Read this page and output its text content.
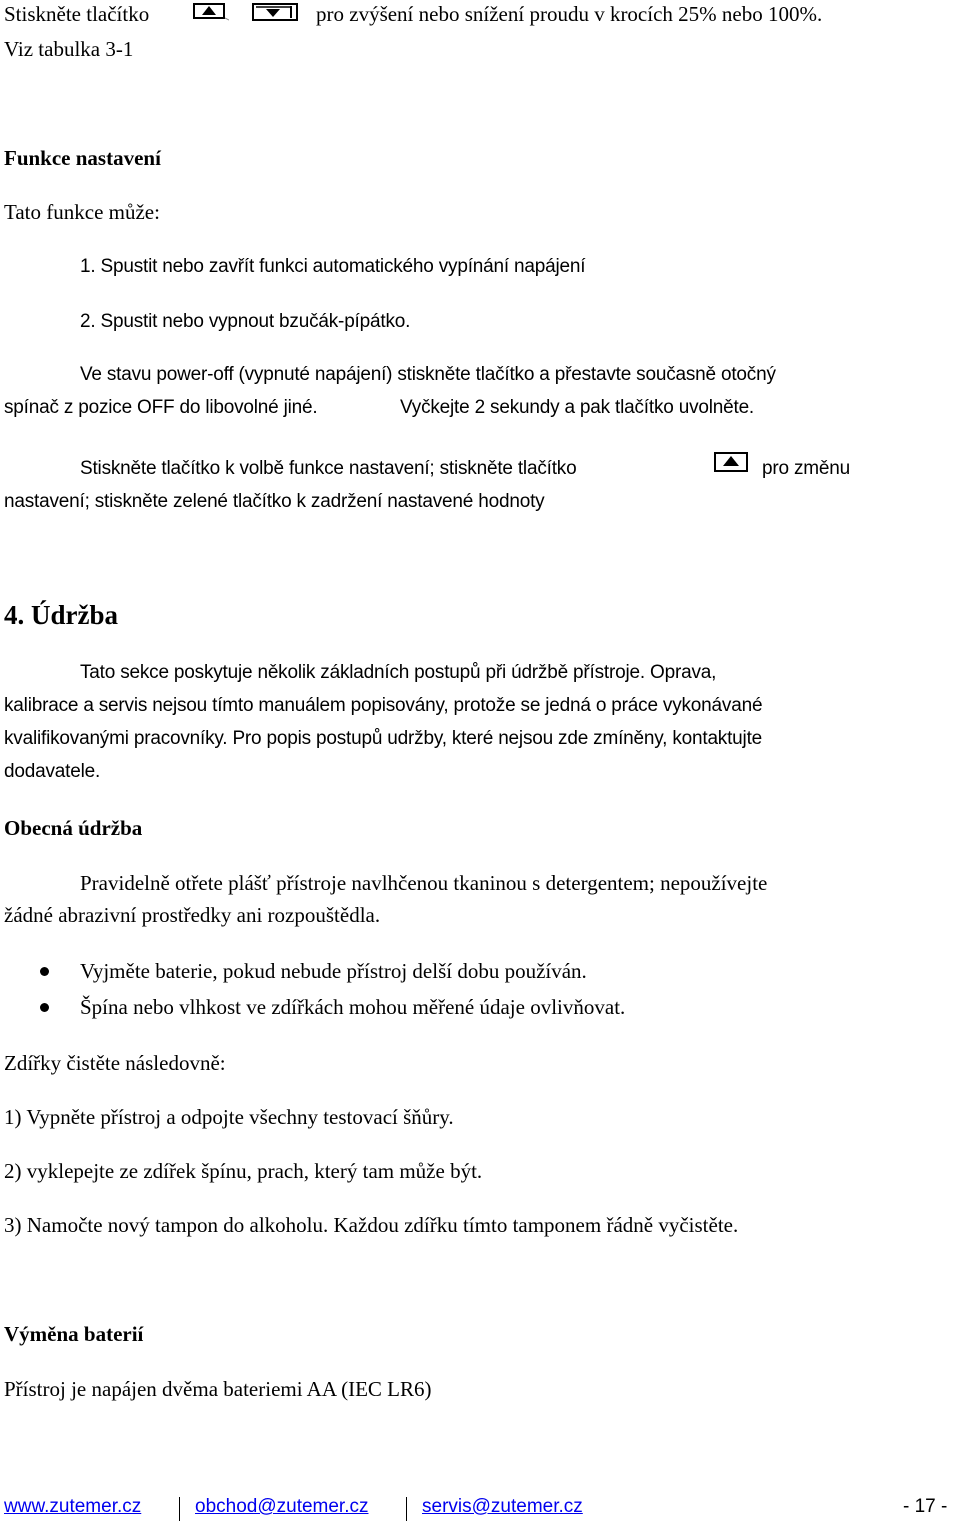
Stiskněte tlačítko	pro zvýšení nebo snížení proudu v krocích 25% nebo 100%.
Viz tabulka 3-1
Funkce nastavení
Tato funkce může:
1. Spustit nebo zavřít funkci automatického vypínání napájení
2. Spustit nebo vypnout bzučák-pípátko.
Ve stavu power-off (vypnuté napájení) stiskněte tlačítko a přestavte současně otočný
spínač z pozice OFF do libovolné jiné.	Vyčkejte 2 sekundy a pak tlačítko uvolněte.
Stiskněte tlačítko k volbě funkce nastavení; stiskněte tlačítko	pro změnu
nastavení; stiskněte zelené tlačítko k zadržení nastavené hodnoty
4. Údržba
Tato sekce poskytuje několik základních postupů při údržbě přístroje. Oprava,
kalibrace a servis nejsou tímto manuálem popisovány, protože se jedná o práce vykonávané
kvalifikovanými pracovníky. Pro popis postupů udržby, které nejsou zde zmíněny, kontaktujte
dodavatele.
Obecná údržba
Pravidelně otřete plášť přístroje navlhčenou tkaninou s detergentem; nepoužívejte
žádné abrazivní prostředky ani rozpouštědla.
Vyjměte baterie, pokud nebude přístroj delší dobu používán.
Špína nebo vlhkost ve zdířkách mohou měřené údaje ovlivňovat.
Zdířky čistěte následovně:
1) Vypněte přístroj a odpojte všechny testovací šňůry.
2) vyklepejte ze zdířek špínu, prach, který tam může být.
3) Namočte nový tampon do alkoholu. Každou zdířku tímto tamponem řádně vyčistěte.
Výměna baterií
Přístroj je napájen dvěma bateriemi AA (IEC LR6)
www.zutemer.cz	obchod@zutemer.cz	servis@zutemer.cz	- 17 -
